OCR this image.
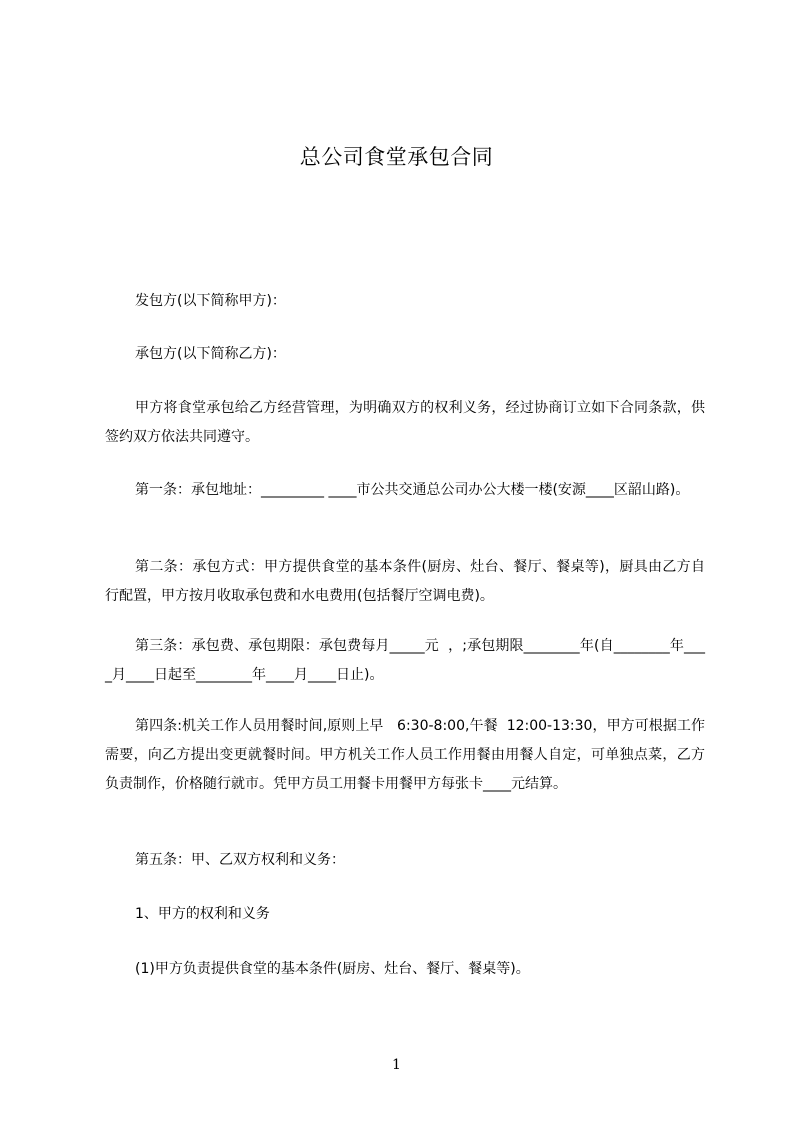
总公司食堂承包合同
发包方(以下简称甲方)：
承包方(以下简称乙方)：
甲方将食堂承包给乙方经营管理，为明确双方的权利义务，经过协商订立如下合同条款，供签约双方依法共同遵守。
第一条：承包地址：_________ ____市公共交通总公司办公大楼一楼(安源____区韶山路)。
第二条：承包方式：甲方提供食堂的基本条件(厨房、灶台、餐厅、餐桌等)，厨具由乙方自行配置，甲方按月收取承包费和水电费用(包括餐厅空调电费)。
第三条：承包费、承包期限：承包费每月_____元  ，;承包期限________年(自________年____月____日起至________年____月____日止)。
第四条:机关工作人员用餐时间,原则上早   6:30-8:00,午餐  12:00-13:30，甲方可根据工作需要，向乙方提出变更就餐时间。甲方机关工作人员工作用餐由用餐人自定，可单独点菜，乙方负责制作，价格随行就市。凭甲方员工用餐卡用餐甲方每张卡____元结算。
第五条：甲、乙双方权利和义务：
1、甲方的权利和义务
(1)甲方负责提供食堂的基本条件(厨房、灶台、餐厅、餐桌等)。
1
